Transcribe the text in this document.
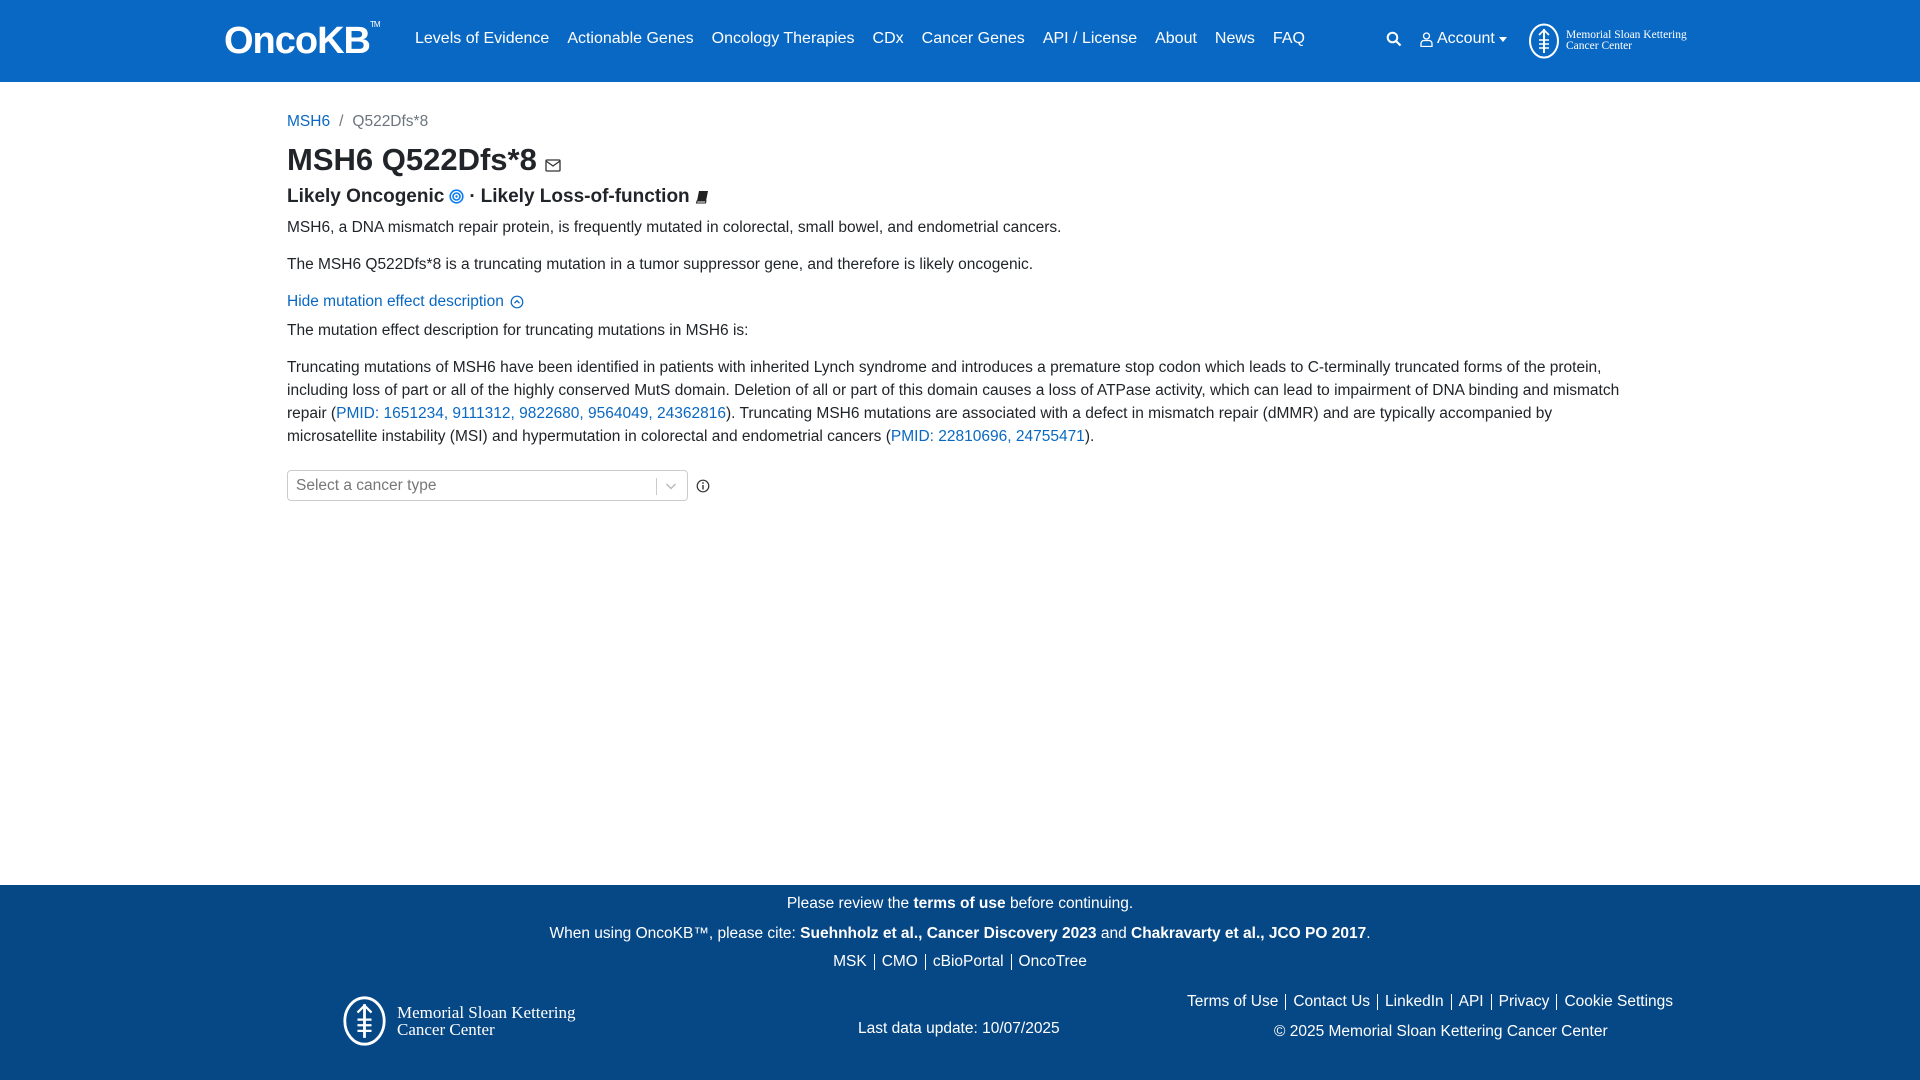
OncoKB™
Levels of Evidence Actionable Genes Oncology Therapies CDx Cancer Genes API / License About News FAQ	Account	Memorial Sloan Kettering
Cancer Center
MSH6 / Q522Dfs*8
MSH6 Q522Dfs*8
Likely Oncogenic · Likely Loss-of-function

MSH6, a DNA mismatch repair protein, is frequently mutated in colorectal, small bowel, and endometrial cancers.

The MSH6 Q522Dfs*8 is a truncating mutation in a tumor suppressor gene, and therefore is likely oncogenic.

Hide mutation effect description

The mutation effect description for truncating mutations in MSH6 is:

Truncating mutations of MSH6 have been identified in patients with inherited Lynch syndrome and introduces a premature stop codon which leads to C-terminally truncated forms of the protein, including loss of part or all of the highly conserved MutS domain. Deletion of all or part of this domain causes a loss of ATPase activity, which can lead to impairment of DNA binding and mismatch repair (PMID: 1651234, 9111312, 9822680, 9564049, 24362816). Truncating MSH6 mutations are associated with a defect in mismatch repair (dMMR) and are typically accompanied by microsatellite instability (MSI) and hypermutation in colorectal and endometrial cancers (PMID: 22810696, 24755471).

Select a cancer type
Please review the terms of use before continuing.
When using OncoKB™, please cite: Suehnholz et al., Cancer Discovery 2023 and Chakravarty et al., JCO PO 2017.
MSK CMO cBioPortal OncoTree
Memorial Sloan Kettering
Cancer Center	Last data update: 10/07/2025
Terms of Use Contact Us LinkedIn API Privacy Cookie Settings
© 2025 Memorial Sloan Kettering Cancer Center
